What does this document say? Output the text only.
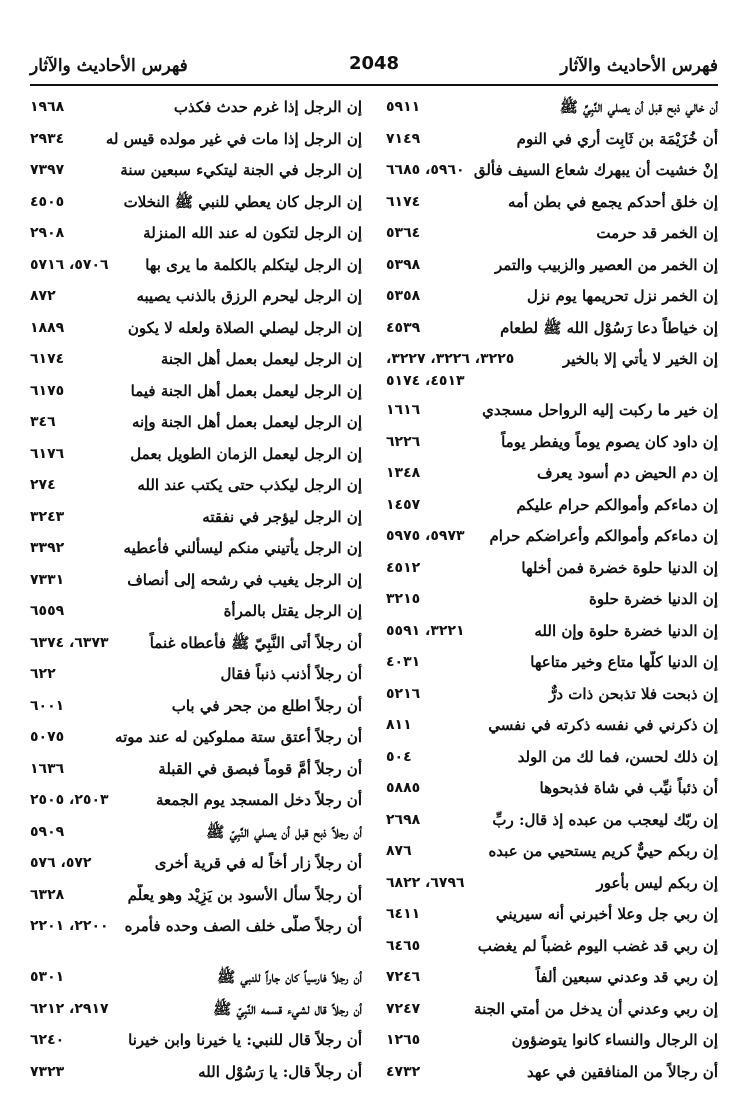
فهرس الأحاديث والآثار
2048
فهرس الأحاديث والآثار
أن خالي ذبح قبل أن يصلي النَّبِيِّ ﷺ
٥٩١١
أن خُزَيْمَة بن ثَابِت أري في النوم
٧١٤٩
إنْ خشيت أن يبهرك شعاع السيف فألق
٥٩٦٠، ٦٦٨٥
إن خلق أحدكم يجمع في بطن أمه
٦١٧٤
إن الخمر قد حرمت
٥٣٦٤
إن الخمر من العصير والزبيب والتمر
٥٣٩٨
إن الخمر نزل تحريمها يوم نزل
٥٣٥٨
إن خياطاً دعا رَسُوْل الله ﷺ لطعام
٤٥٣٩
إن الخير لا يأتي إلا بالخير
٣٢٢٥، ٣٢٢٦، ٣٢٢٧، ٤٥١٣، ٥١٧٤
إن خير ما ركبت إليه الرواحل مسجدي
١٦١٦
إن داود كان يصوم يوماً ويفطر يوماً
٦٢٢٦
إن دم الحيض دم أسود يعرف
١٣٤٨
إن دماءكم وأموالكم حرام عليكم
١٤٥٧
إن دماءكم وأموالكم وأعراضكم حرام
٥٩٧٣، ٥٩٧٥
إن الدنيا حلوة خضرة فمن أخلها
٤٥١٢
إن الدنيا خضرة حلوة
٣٢١٥
إن الدنيا خضرة حلوة وإن الله
٣٢٢١، ٥٥٩١
إن الدنيا كلّها متاع وخير متاعها
٤٠٣١
إن ذبحت فلا تذبحن ذات درٌّ
٥٢١٦
إن ذكرني في نفسه ذكرته في نفسي
٨١١
إن ذلك لحسن، فما لك من الولد
٥٠٤
أن ذئباً نيِّب في شاة فذبحوها
٥٨٨٥
إن ربّك ليعجب من عبده إذ قال: ربِّ
٢٦٩٨
إن ربكم حييٌّ كريم يستحيي من عبده
٨٧٦
إن ربكم ليس بأعور
٦٧٩٦، ٦٨٢٢
إن ربي جل وعلا أخبرني أنه سيريني
٦٤١١
إن ربي قد غضب اليوم غضباً لم يغضب
٦٤٦٥
إن ربي قد وعدني سبعين ألفاً
٧٢٤٦
إن ربي وعدني أن يدخل من أمتي الجنة
٧٢٤٧
إن الرجال والنساء كانوا يتوضؤون
١٢٦٥
أن رجالاً من المنافقين في عهد
٤٧٣٢
إن الرجل إذا غرم حدث فكذب
١٩٦٨
إن الرجل إذا مات في غير مولده قيس له
٢٩٣٤
إن الرجل في الجنة ليتكيء سبعين سنة
٧٣٩٧
إن الرجل كان يعطي للنبي ﷺ النخلات
٤٥٠٥
إن الرجل لتكون له عند الله المنزلة
٢٩٠٨
إن الرجل ليتكلم بالكلمة ما يرى بها
٥٧٠٦، ٥٧١٦
إن الرجل ليحرم الرزق بالذنب يصيبه
٨٧٢
إن الرجل ليصلي الصلاة ولعله لا يكون
١٨٨٩
إن الرجل ليعمل بعمل أهل الجنة
٦١٧٤
إن الرجل ليعمل بعمل أهل الجنة فيما
٦١٧٥
إن الرجل ليعمل بعمل أهل الجنة وإنه
٣٤٦
إن الرجل ليعمل الزمان الطويل بعمل
٦١٧٦
إن الرجل ليكذب حتى يكتب عند الله
٢٧٤
إن الرجل ليؤجر في نفقته
٣٢٤٣
إن الرجل يأتيني منكم ليسألني فأعطيه
٣٣٩٢
إن الرجل يغيب في رشحه إلى أنصاف
٧٣٣١
إن الرجل يقتل بالمرأة
٦٥٥٩
أن رجلاً أتى النَّبِيّ ﷺ فأعطاه غنماً
٦٣٧٣، ٦٣٧٤
أن رجلاً أذنب ذنباً فقال
٦٢٢
أن رجلاً اطلع من جحر في باب
٦٠٠١
أن رجلاً أعتق ستة مملوكين له عند موته
٥٠٧٥
أن رجلاً أمَّ قوماً فبصق في القبلة
١٦٣٦
أن رجلاً دخل المسجد يوم الجمعة
٢٥٠٣، ٢٥٠٥
أن رجلاً ذبح قبل أن يصلي النَّبِيّ ﷺ
٥٩٠٩
أن رجلاً زار أخاً له في قرية أخرى
٥٧٢، ٥٧٦
أن رجلاً سأل الأسود بن يَزِيْد وهو يعلّم
٦٣٢٨
أن رجلاً صلّى خلف الصف وحده فأمره
٢٢٠٠، ٢٢٠١
أن رجلاً فارسياً كان جاراً للنبي ﷺ
٥٣٠١
أن رجلاً قال لشيء قسمه النَّبِيّ ﷺ
٢٩١٧، ٦٢١٢
أن رجلاً قال للنبي: يا خيرنا وابن خيرنا
٦٢٤٠
أن رجلاً قال: يا رَسُوْل الله
٧٣٢٣
